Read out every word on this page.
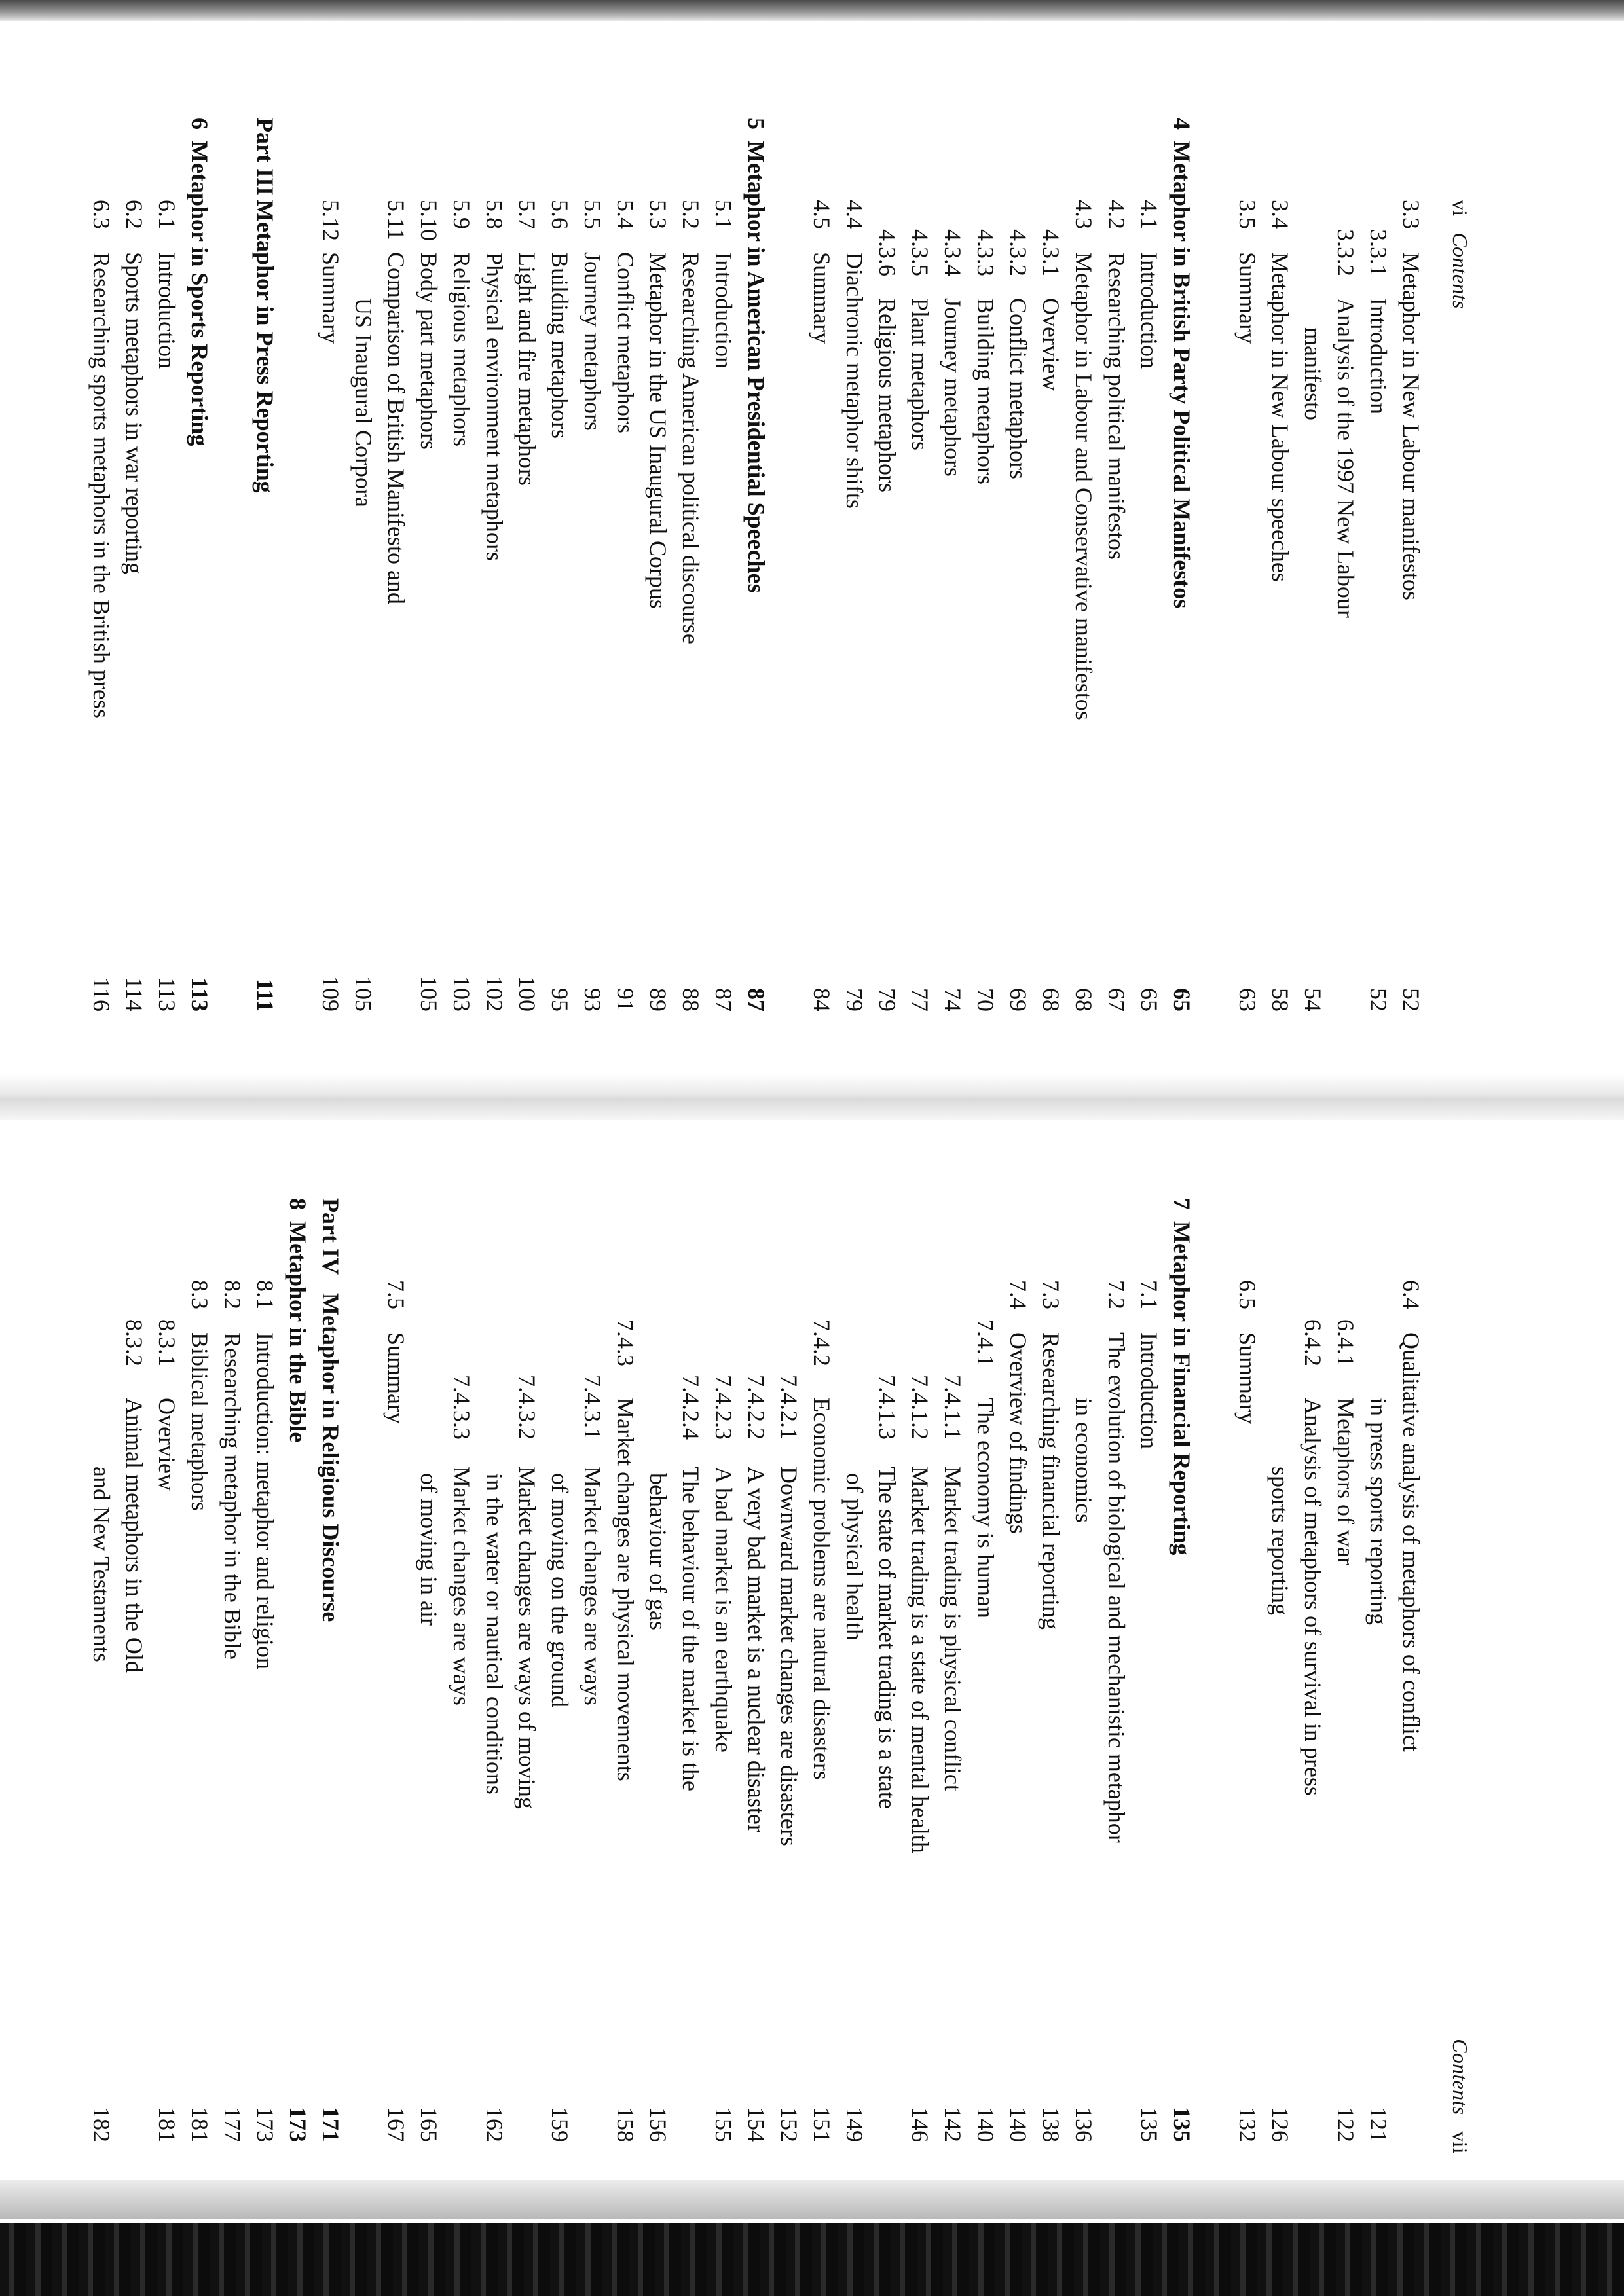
vi   Contents
3.3
Metaphor in New Labour manifestos
52
3.3.1
Introduction
52
3.3.2
Analysis of the 1997 New Labour
manifesto
54
3.4
Metaphor in New Labour speeches
58
3.5
Summary
63
4
Metaphor in British Party Political Manifestos
65
4.1
Introduction
65
4.2
Researching political manifestos
67
4.3
Metaphor in Labour and Conservative manifestos
68
4.3.1
Overview
68
4.3.2
Conflict metaphors
69
4.3.3
Building metaphors
70
4.3.4
Journey metaphors
74
4.3.5
Plant metaphors
77
4.3.6
Religious metaphors
79
4.4
Diachronic metaphor shifts
79
4.5
Summary
84
5
Metaphor in American Presidential Speeches
87
5.1
Introduction
87
5.2
Researching American political discourse
88
5.3
Metaphor in the US Inaugural Corpus
89
5.4
Conflict metaphors
91
5.5
Journey metaphors
93
5.6
Building metaphors
95
5.7
Light and fire metaphors
100
5.8
Physical environment metaphors
102
5.9
Religious metaphors
103
5.10
Body part metaphors
105
5.11
Comparison of British Manifesto and
US Inaugural Corpora
105
5.12
Summary
109
Part III
Metaphor in Press Reporting
111
6
Metaphor in Sports Reporting
113
6.1
Introduction
113
6.2
Sports metaphors in war reporting
114
6.3
Researching sports metaphors in the British press
116
Contents   vii
6.4
Qualitative analysis of metaphors of conflict
in press sports reporting
121
6.4.1
Metaphors of war
122
6.4.2
Analysis of metaphors of survival in press
sports reporting
126
6.5
Summary
132
7
Metaphor in Financial Reporting
135
7.1
Introduction
135
7.2
The evolution of biological and mechanistic metaphor
in economics
136
7.3
Researching financial reporting
138
7.4
Overview of findings
140
7.4.1
The economy is human
140
7.4.1.1
Market trading is physical conflict
142
7.4.1.2
Market trading is a state of mental health
146
7.4.1.3
The state of market trading is a state
of physical health
149
7.4.2
Economic problems are natural disasters
151
7.4.2.1
Downward market changes are disasters
152
7.4.2.2
A very bad market is a nuclear disaster
154
7.4.2.3
A bad market is an earthquake
155
7.4.2.4
The behaviour of the market is the
behaviour of gas
156
7.4.3
Market changes are physical movements
158
7.4.3.1
Market changes are ways
of moving on the ground
159
7.4.3.2
Market changes are ways of moving
in the water or nautical conditions
162
7.4.3.3
Market changes are ways
of moving in air
165
7.5
Summary
167
Part IV
Metaphor in Religious Discourse
171
8
Metaphor in the Bible
173
8.1
Introduction: metaphor and religion
173
8.2
Researching metaphor in the Bible
177
8.3
Biblical metaphors
181
8.3.1
Overview
181
8.3.2
Animal metaphors in the Old
and New Testaments
182
